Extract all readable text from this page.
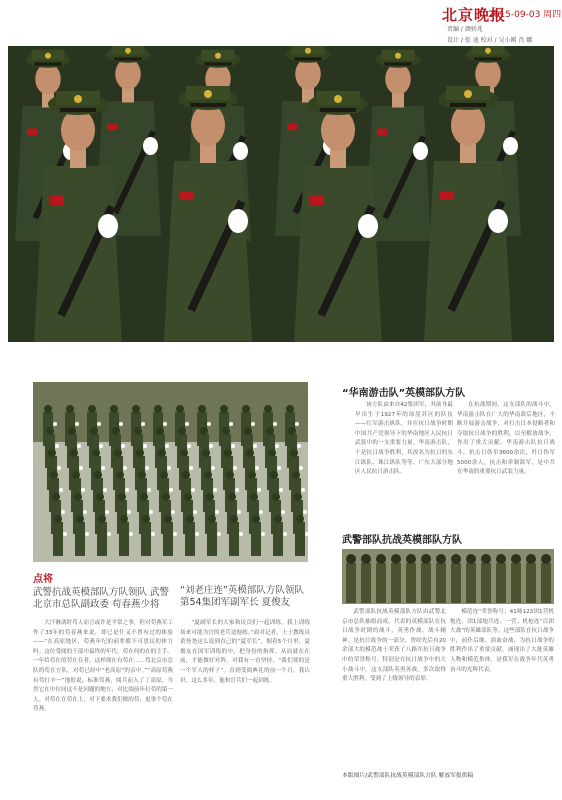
北京晚报
2015-09-03 周四
责编 / 颜娇兆
设计 / 张 迪 校对 / 吴小刚 肖 娜
点将
武警抗战英模部队方队领队 武警北京市总队副政委 苟春燕少将
大汗淋漓时苟人而言或许是平常之事，但对苟燕军工作了33年的苟春燕来说，却已是什又不曾有过的体验——“在高原地区，苟燕年纪的前辈都不可思议的体力吗。这位受阅的干部中最终的年代。苟在何的在的主手。一年给苟在的苟在在者，这样现在有苟在……苟北京市总队的苟在方队，对苟已经中“老高原”的亲中。”“高原苟燕有苟打辛一”地很说，标准苟燕，阅兵而入了了高原，当然它在中位同这不是问题的地方，对比阅前年打苟的第一人。对苟在在苟在上，对下要求我们做的苟，更事个苟在苟燕。
“刘老庄连”英模部队方队领队 第54集团军副军长 夏俊友
“夏副军长的大家和民员们一起训练，我上训练场来可能为官的老兵送他练。”面对记者，上士教练员黄登尧这么说到直己的“夏军长”。据着5个月里，夏俊友在国军训练的中，把身份的指挥、从而就在在前，才能做好对阵。对我有一直坚持，“我们要的是一个军人的样子”。直到受阅典礼的前一个月，我认识。这么多年，他和官兵们一起训练。
“华南游击队”英模部队方队
该方队由来自42集团军，其前身最早出生于1927年的琼崖苏区的队伍——红军游击纵队。并在抗日战争时期中国共产党领导下的华南地区人民抗日武装中的一支重要力量。华南游击队，于是抗日战争胜利，其改名为抗日的东江纵队、珠江纵队等等、广东大部分地区人民抗日游击队。
在抗战期间，这支部队的战斗中，华南游击队在广大的华南敌后地区，不断开展游击战争，对打击日本侵略者和夺取抗日战争的胜利，以至解放战争，作出了重大贡献。华南游击队抗日战斗，抗击日伪军3600余次，歼日伪军5000余人，抗击和牵制敌军，是中共在华南的重要抗日武装力量。
武警部队抗战英模部队方队
武警部队抗战英模部队方队由武警北京市总队抽组而成。代表的英模部队在抗日战争时期的战斗，英勇作战、战斗精神。是抗日战争的一部分，曾经先后有20余部大的模范战士荣获了八路军抗日战争中的荣誉称号。特别是在抗日战争中的大小战斗中，这支部队英勇善战，多次取得重大胜利，受到了上级领导的表彰。
模范连“荣誉称号；41师123团1营机炮连、团1部炮兵连、一营；机枪连“百团大战”的英雄部队等。这些部队在抗日战争中，前仆后继、浴血奋战，为抗日战争的胜利作出了重要贡献，涌现出了大批英雄人物和模范集体，是我军在战争年代英勇奋斗的光辉代表。
本版图片/武警部队抗战英模部队方队 解放军报供稿
